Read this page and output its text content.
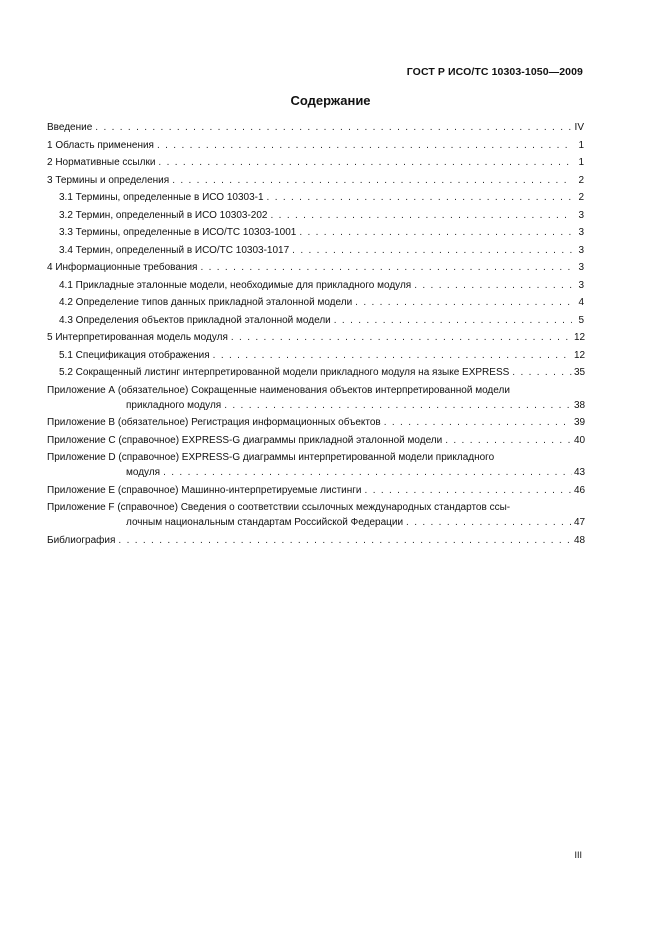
ГОСТ Р ИСО/ТС 10303-1050—2009
Содержание
Введение . . .	IV
1 Область применения . . .	1
2 Нормативные ссылки . . .	1
3 Термины и определения . . .	2
3.1 Термины, определенные в ИСО 10303-1 . . .	2
3.2 Термин, определенный в ИСО 10303-202 . . .	3
3.3 Термины, определенные в ИСО/ТС 10303-1001 . . .	3
3.4 Термин, определенный в ИСО/ТС 10303-1017 . . .	3
4 Информационные требования . . .	3
4.1 Прикладные эталонные модели, необходимые для прикладного модуля . . .	3
4.2 Определение типов данных прикладной эталонной модели . . .	4
4.3 Определения объектов прикладной эталонной модели . . .	5
5 Интерпретированная модель модуля . . .	12
5.1 Спецификация отображения . . .	12
5.2 Сокращенный листинг интерпретированной модели прикладного модуля на языке EXPRESS . . .	35
Приложение А (обязательное) Сокращенные наименования объектов интерпретированной модели
прикладного модуля . . .	38
Приложение В (обязательное) Регистрация информационных объектов . . .	39
Приложение С (справочное) EXPRESS-G диаграммы прикладной эталонной модели . . .	40
Приложение D (справочное) EXPRESS-G диаграммы интерпретированной модели прикладного
модуля . . .	43
Приложение Е (справочное) Машинно-интерпретируемые листинги . . .	46
Приложение F (справочное) Сведения о соответствии ссылочных международных стандартов ссы-
лочным национальным стандартам Российской Федерации . . .	47
Библиография . . .	48
III
